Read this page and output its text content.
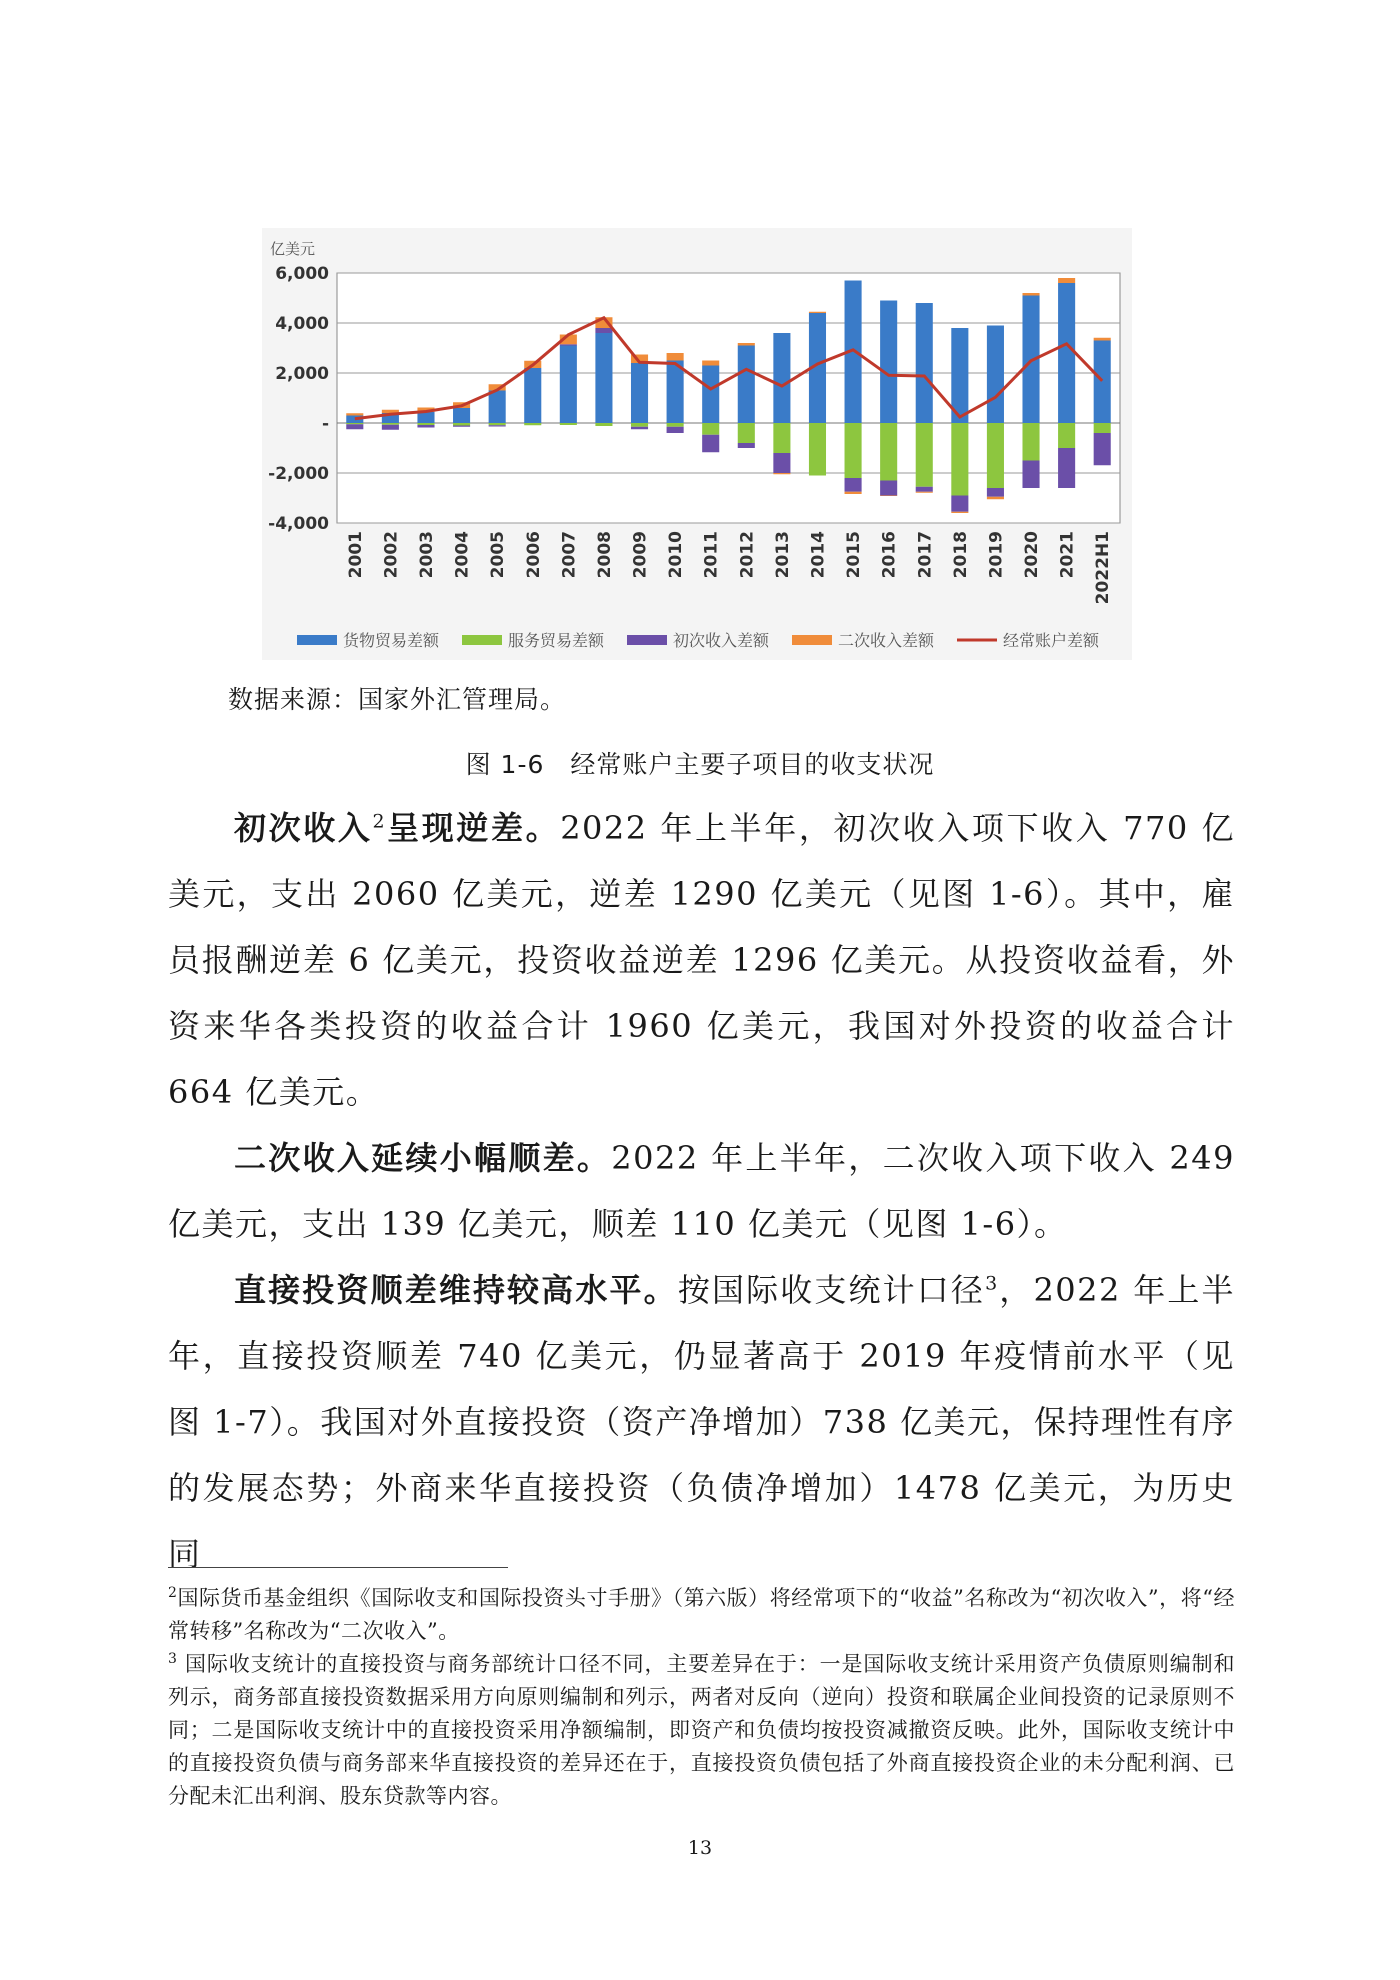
亿美元
6,000
4,000
2,000
-
-2,000
-4,000
2001 2002 2003 2004 2005 2006 2007 2008 2009 2010 2011 2012 2013 2014 2015 2016 2017 2018 2019 2020 2021 2022H1
货物贸易差额	服务贸易差额	初次收入差额	二次收入差额	经常账户差额
数据来源：国家外汇管理局。
图 1-6　经常账户主要子项目的收支状况

初次收入$^2$呈现逆差。2022 年上半年，初次收入项下收入 770 亿美元，支出 2060 亿美元，逆差 1290 亿美元（见图 1-6）。其中，雇员报酬逆差 6 亿美元，投资收益逆差 1296 亿美元。从投资收益看，外资来华各类投资的收益合计 1960 亿美元，我国对外投资的收益合计 664 亿美元。

二次收入延续小幅顺差。2022 年上半年，二次收入项下收入 249 亿美元，支出 139 亿美元，顺差 110 亿美元（见图 1-6）。

直接投资顺差维持较高水平。按国际收支统计口径$^3$，2022 年上半年，直接投资顺差 740 亿美元，仍显著高于 2019 年疫情前水平（见图 1-7）。我国对外直接投资（资产净增加）738 亿美元，保持理性有序的发展态势；外商来华直接投资（负债净增加）1478 亿美元，为历史同

$^2$国际货币基金组织《国际收支和国际投资头寸手册》（第六版）将经常项下的“收益”名称改为“初次收入”，将“经常转移”名称改为“二次收入”。

$^3$ 国际收支统计的直接投资与商务部统计口径不同，主要差异在于：一是国际收支统计采用资产负债原则编制和列示，商务部直接投资数据采用方向原则编制和列示，两者对反向（逆向）投资和联属企业间投资的记录原则不同；二是国际收支统计中的直接投资采用净额编制，即资产和负债均按投资减撤资反映。此外，国际收支统计中的直接投资负债与商务部来华直接投资的差异还在于，直接投资负债包括了外商直接投资企业的未分配利润、已分配未汇出利润、股东贷款等内容。

13
